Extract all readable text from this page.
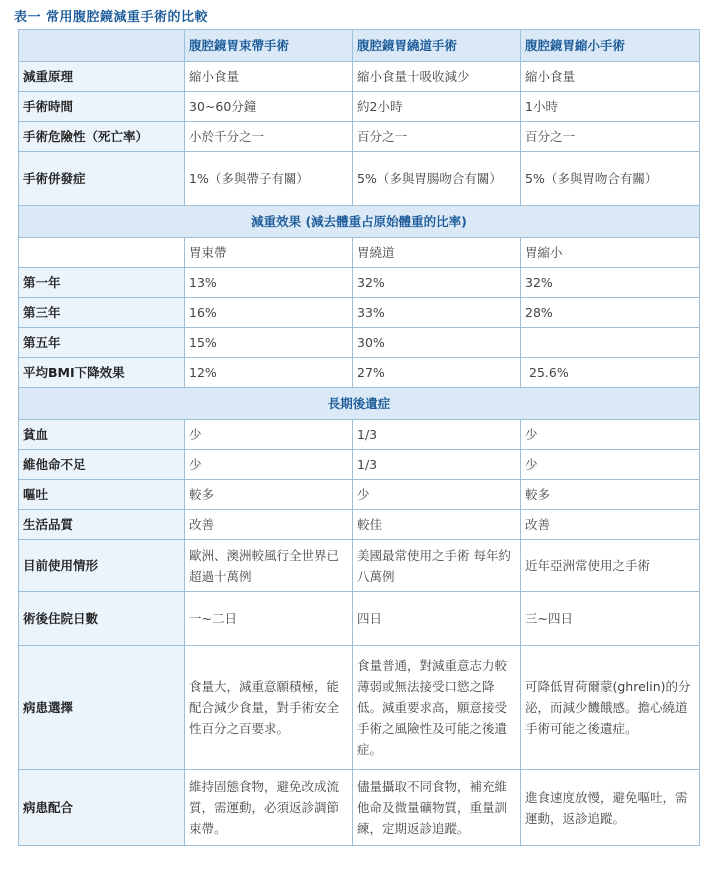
表一 常用腹腔鏡減重手術的比較
	腹腔鏡胃束帶手術	腹腔鏡胃繞道手術	腹腔鏡胃縮小手術
減重原理	縮小食量	縮小食量十吸收減少	縮小食量
手術時間	30~60分鐘	約2小時	1小時
手術危險性（死亡率）	小於千分之一	百分之一	百分之一
手術併發症	1%（多與帶子有關）	5%（多與胃腸吻合有關）	5%（多與胃吻合有關）
減重效果 (減去體重占原始體重的比率)			
	胃束帶	胃繞道	胃縮小
第一年	13%	32%	32%
第三年	16%	33%	28%
第五年	15%	30%	
平均BMI下降效果	12%	27%	25.6%
長期後遺症			
貧血	少	1/3	少
維他命不足	少	1/3	少
嘔吐	較多	少	較多
生活品質	改善	較佳	改善
目前使用情形	歐洲、澳洲較風行全世界已超過十萬例	美國最常使用之手術 每年約八萬例	近年亞洲常使用之手術
術後住院日數	一~二日	四日	三~四日
病患選擇	食量大，減重意願積極，能配合減少食量，對手術安全性百分之百要求。	食量普通，對減重意志力較薄弱或無法接受口慾之降低。減重要求高，願意接受手術之風險性及可能之後遺症。	可降低胃荷爾蒙(ghrelin)的分泌，而減少饑餓感。擔心繞道手術可能之後遺症。
病患配合	維持固態食物，避免改成流質，需運動，必須返診調節束帶。	儘量攝取不同食物，補充維他命及微量礦物質，重量訓練，定期返診追蹤。	進食速度放慢，避免嘔吐，需運動，返診追蹤。
